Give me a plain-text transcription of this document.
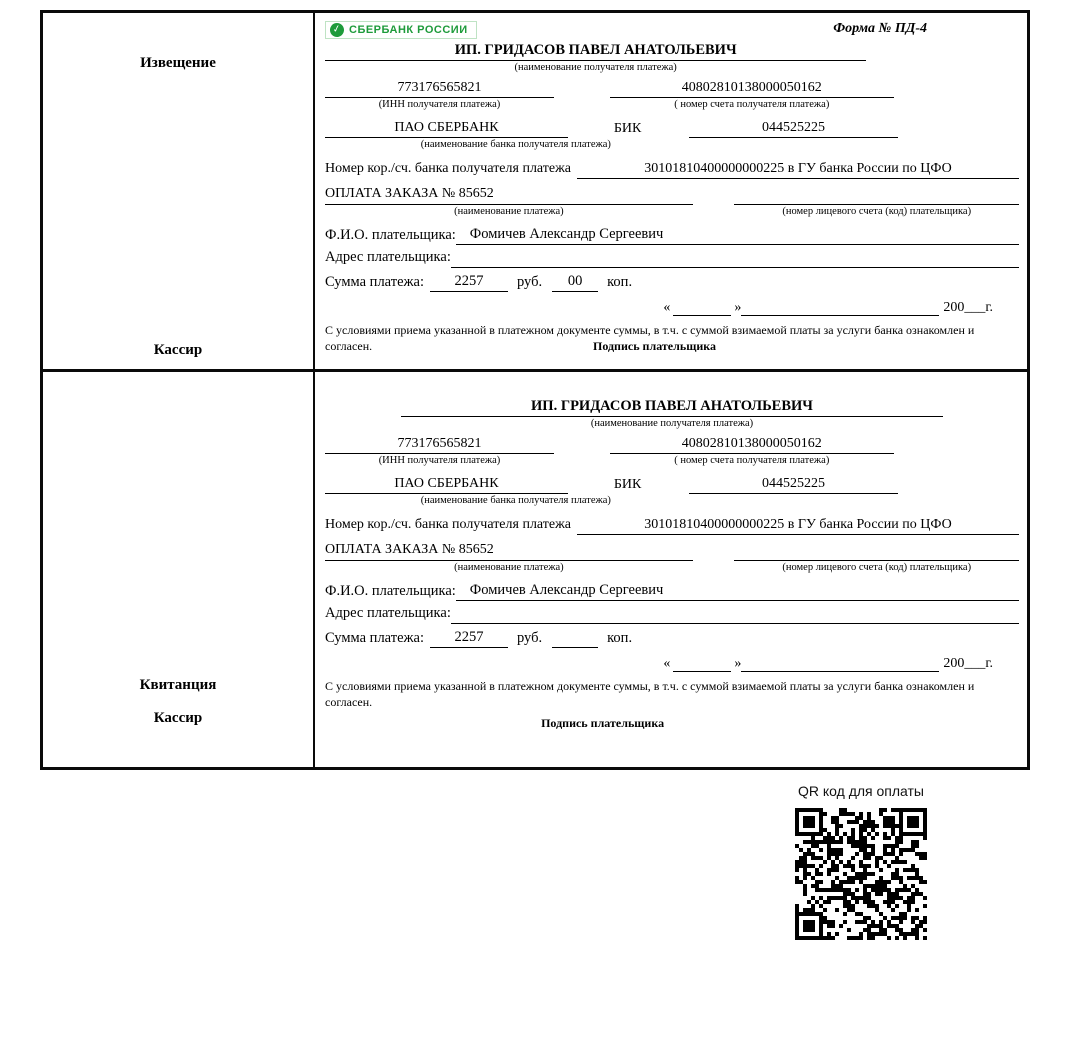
Извещение
Кассир
✓ СБЕРБАНК РОССИИ	Форма № ПД-4
ИП. ГРИДАСОВ ПАВЕЛ АНАТОЛЬЕВИЧ
(наименование получателя платежа)
773176565821	40802810138000050162
(ИНН получателя платежа)	( номер счета получателя платежа)
ПАО СБЕРБАНК	БИК	044525225
(наименование банка получателя платежа)
Номер кор./сч. банка получателя платежа	30101810400000000225 в ГУ банка России по ЦФО
ОПЛАТА ЗАКАЗА № 85652
(наименование платежа)	(номер лицевого счета (код) плательщика)
Ф.И.О. плательщика: Фомичев Александр Сергеевич
Адрес плательщика:
Сумма платежа:	2257	руб.	00	коп.
«	»	200___г.
С условиями приема указанной в платежном документе суммы, в т.ч. с суммой взимаемой платы за услуги банка ознакомлен и согласен.	Подпись плательщика
Квитанция
Кассир
ИП. ГРИДАСОВ ПАВЕЛ АНАТОЛЬЕВИЧ
(наименование получателя платежа)
773176565821	40802810138000050162
(ИНН получателя платежа)	( номер счета получателя платежа)
ПАО СБЕРБАНК	БИК	044525225
(наименование банка получателя платежа)
Номер кор./сч. банка получателя платежа	30101810400000000225 в ГУ банка России по ЦФО
ОПЛАТА ЗАКАЗА № 85652
(наименование платежа)	(номер лицевого счета (код) плательщика)
Ф.И.О. плательщика: Фомичев Александр Сергеевич
Адрес плательщика:
Сумма платежа:	2257	руб.	коп.
«	»	200___г.
С условиями приема указанной в платежном документе суммы, в т.ч. с суммой взимаемой платы за услуги банка ознакомлен и согласен.
Подпись плательщика
QR код для оплаты
